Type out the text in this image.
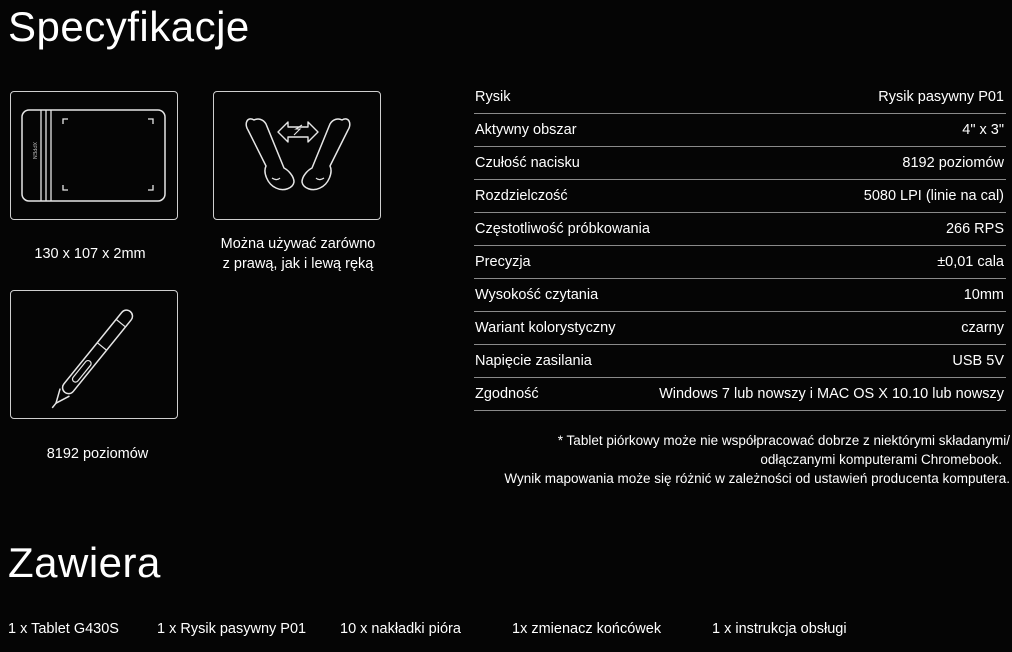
Specyfikacje
XPPEN
130 x 107 x 2mm
Można używać zarówno
z prawą, jak i lewą ręką
8192 poziomów
Rysik	Rysik pasywny P01
Aktywny obszar	4" x 3"
Czułość nacisku	8192 poziomów
Rozdzielczość	5080 LPI (linie na cal)
Częstotliwość próbkowania	266 RPS
Precyzja	±0,01 cala
Wysokość czytania	10mm
Wariant kolorystyczny	czarny
Napięcie zasilania	USB 5V
Zgodność	Windows 7 lub nowszy i MAC OS X 10.10 lub nowszy
* Tablet piórkowy może nie współpracować dobrze z niektórymi składanymi/
odłączanymi komputerami Chromebook.
Wynik mapowania może się różnić w zależności od ustawień producenta komputera.
Zawiera
1 x Tablet G430S	1 x Rysik pasywny P01 10 x nakładki pióra	1x zmienacz końcówek	1 x instrukcja obsługi
